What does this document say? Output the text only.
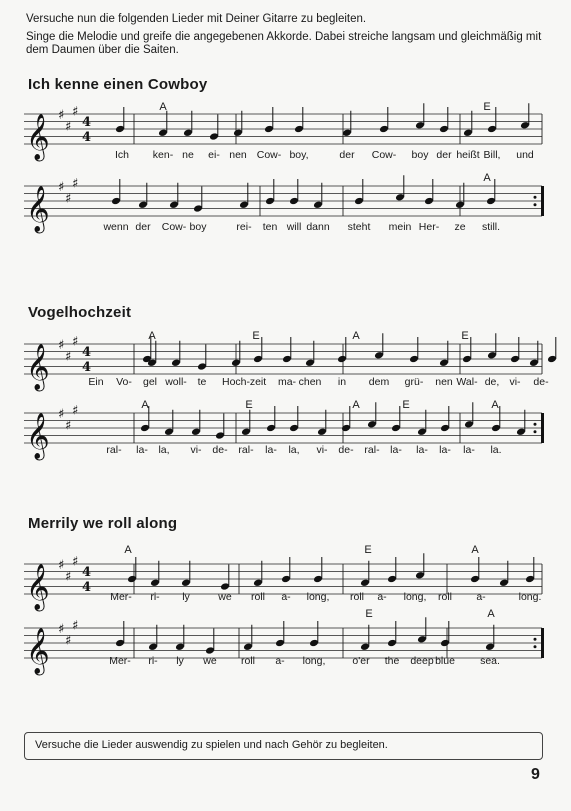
Versuche nun die folgenden Lieder mit Deiner Gitarre zu begleiten.
Singe die Melodie und greife die angegebenen Akkorde. Dabei streiche langsam und gleichmäßig mit
dem Daumen über die Saiten.
Ich kenne einen Cowboy
Vogelhochzeit
Merrily we roll along
𝄞 ♯
♯
♯
4
4
A	E
Ich ken- ne ei- nen Cow- boy,	der Cow- boy der heißt Bill, und
𝄞 ♯
♯
♯	A
wenn der Cow- boy	rei- ten will dann steht mein Her- ze still.
𝄞 ♯
♯
♯
4
4
A	E	A	E
Ein Vo- gel woll- te Hoch- zeit ma- chen in dem grü- nen Wal- de, vi- de-
𝄞 ♯
♯
♯	A	E	A	E	A
ral- la- la, vi- de- ral- la- la, vi- de- ral- la- la- la- la- la.
𝄞 ♯
♯
♯
4
4
A	E	A
Mer- ri- ly	we roll a- long, roll a- long, roll a-	long.
𝄞 ♯
♯
♯
E	A
Mer- ri- ly we roll a- long,	o'er the deep blue sea.
Versuche die Lieder auswendig zu spielen und nach Gehör zu begleiten.
9
